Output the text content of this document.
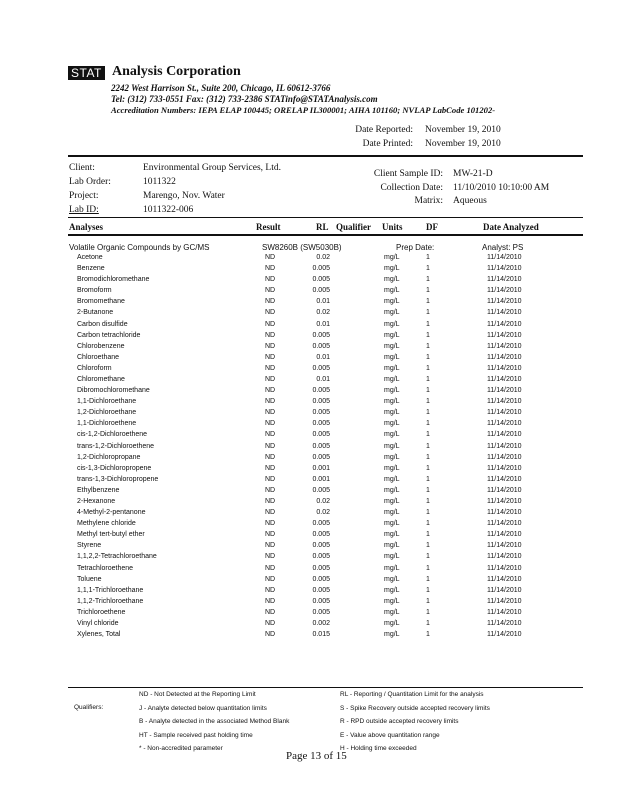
STAT Analysis Corporation
2242 West Harrison St., Suite 200, Chicago, IL 60612-3766
Tel: (312) 733-0551 Fax: (312) 733-2386 STATinfo@STATAnalysis.com
Accreditation Numbers: IEPA ELAP 100445; ORELAP IL300001; AIHA 101160; NVLAP LabCode 101202-
Date Reported: November 19, 2010
Date Printed: November 19, 2010
Client:	Environmental Group Services, Ltd.
Lab Order:	1011322
Project:	Marengo, Nov. Water
Lab ID:	1011322-006
Client Sample ID: MW-21-D
Collection Date: 11/10/2010 10:10:00 AM
Matrix: Aqueous
Analyses	Result	RL Qualifier Units	DF	Date Analyzed
Volatile Organic Compounds by GC/MS	SW8260B (SW5030B)	Prep Date:	Analyst: PS
Acetone	ND	0.02	mg/L	1	11/14/2010
Benzene	ND	0.005	mg/L	1	11/14/2010
Bromodichloromethane	ND	0.005	mg/L	1	11/14/2010
Bromoform	ND	0.005	mg/L	1	11/14/2010
Bromomethane	ND	0.01	mg/L	1	11/14/2010
2-Butanone	ND	0.02	mg/L	1	11/14/2010
Carbon disulfide	ND	0.01	mg/L	1	11/14/2010
Carbon tetrachloride	ND	0.005	mg/L	1	11/14/2010
Chlorobenzene	ND	0.005	mg/L	1	11/14/2010
Chloroethane	ND	0.01	mg/L	1	11/14/2010
Chloroform	ND	0.005	mg/L	1	11/14/2010
Chloromethane	ND	0.01	mg/L	1	11/14/2010
Dibromochloromethane	ND	0.005	mg/L	1	11/14/2010
1,1-Dichloroethane	ND	0.005	mg/L	1	11/14/2010
1,2-Dichloroethane	ND	0.005	mg/L	1	11/14/2010
1,1-Dichloroethene	ND	0.005	mg/L	1	11/14/2010
cis-1,2-Dichloroethene	ND	0.005	mg/L	1	11/14/2010
trans-1,2-Dichloroethene	ND	0.005	mg/L	1	11/14/2010
1,2-Dichloropropane	ND	0.005	mg/L	1	11/14/2010
cis-1,3-Dichloropropene	ND	0.001	mg/L	1	11/14/2010
trans-1,3-Dichloropropene	ND	0.001	mg/L	1	11/14/2010
Ethylbenzene	ND	0.005	mg/L	1	11/14/2010
2-Hexanone	ND	0.02	mg/L	1	11/14/2010
4-Methyl-2-pentanone	ND	0.02	mg/L	1	11/14/2010
Methylene chloride	ND	0.005	mg/L	1	11/14/2010
Methyl tert-butyl ether	ND	0.005	mg/L	1	11/14/2010
Styrene	ND	0.005	mg/L	1	11/14/2010
1,1,2,2-Tetrachloroethane	ND	0.005	mg/L	1	11/14/2010
Tetrachloroethene	ND	0.005	mg/L	1	11/14/2010
Toluene	ND	0.005	mg/L	1	11/14/2010
1,1,1-Trichloroethane	ND	0.005	mg/L	1	11/14/2010
1,1,2-Trichloroethane	ND	0.005	mg/L	1	11/14/2010
Trichloroethene	ND	0.005	mg/L	1	11/14/2010
Vinyl chloride	ND	0.002	mg/L	1	11/14/2010
Xylenes, Total	ND	0.015	mg/L	1	11/14/2010
Qualifiers:
ND - Not Detected at the Reporting Limit
J - Analyte detected below quantitation limits
B - Analyte detected in the associated Method Blank
HT - Sample received past holding time
* - Non-accredited parameter
RL - Reporting / Quantitation Limit for the analysis
S - Spike Recovery outside accepted recovery limits
R - RPD outside accepted recovery limits
E - Value above quantitation range
H - Holding time exceeded
Page 13 of 15
